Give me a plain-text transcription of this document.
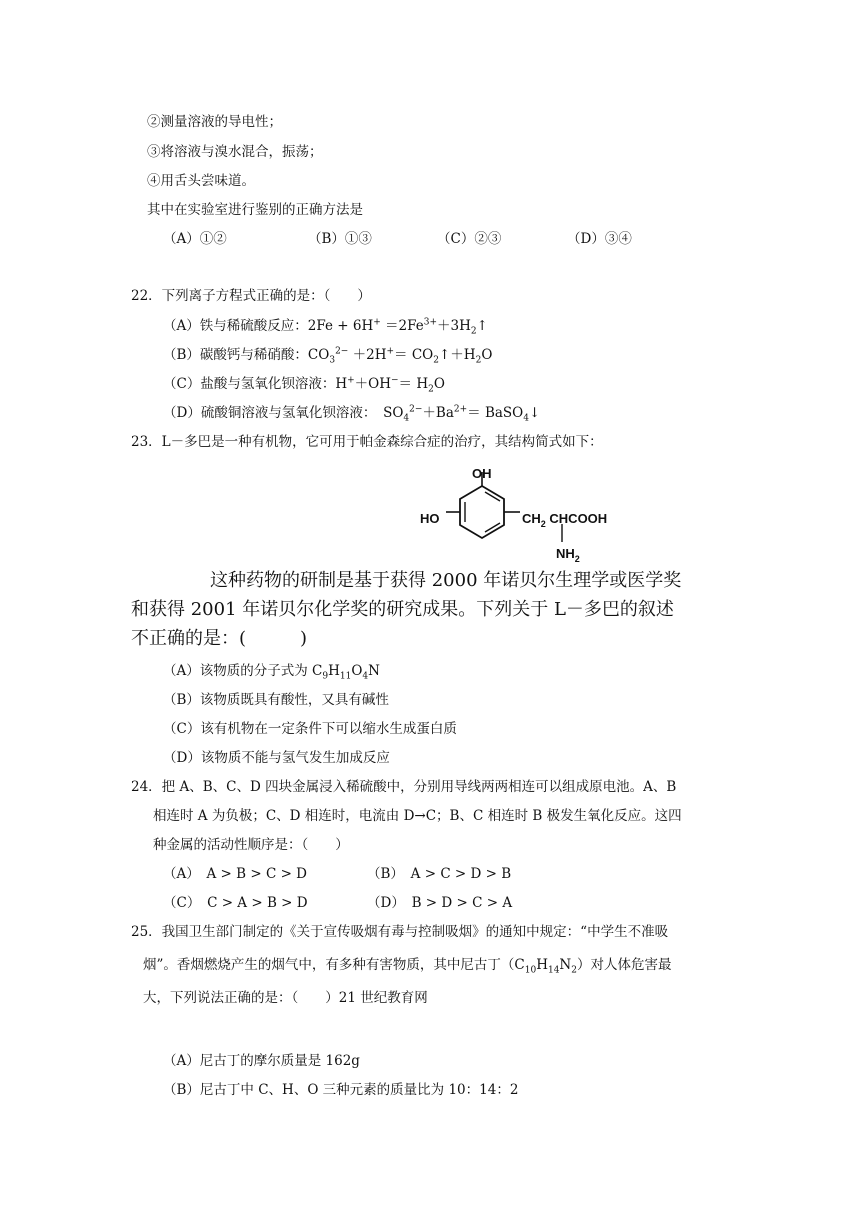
②测量溶液的导电性；
③将溶液与溴水混合，振荡；
④用舌头尝味道。
其中在实验室进行鉴别的正确方法是
（A）①②	（B）①③	（C）②③	（D）③④
22．下列离子方程式正确的是：（　　）
（A）铁与稀硫酸反应：$2Fe + 6H^+ =2Fe^{3+}+3H_2↑$
（B）碳酸钙与稀硝酸：$CO_3^{2-} +2H^+=$ $CO_2↑+H_2O$
（C）盐酸与氢氧化钡溶液：$H^++OH^-= H_2O$
（D）硫酸铜溶液与氢氧化钡溶液：　$SO_4^{2-}+Ba^{2+}=$ BaSO$_4$↓
23．L－多巴是一种有机物，它可用于帕金森综合症的治疗，其结构简式如下：
OH
HO	$CH_2$ CHCOOH
$NH_2$
这种药物的研制是基于获得 2000 年诺贝尔生理学或医学奖
和获得 2001 年诺贝尔化学奖的研究成果。下列关于 L－多巴的叙述
不正确的是：(　　　)
（A）该物质的分子式为 $C_9H_{11}O_4N$
（B）该物质既具有酸性，又具有碱性
（C）该有机物在一定条件下可以缩水生成蛋白质
（D）该物质不能与氢气发生加成反应
24．把 A、B、C、D 四块金属浸入稀硫酸中，分别用导线两两相连可以组成原电池。A、B
相连时 A 为负极；C、D 相连时，电流由 D→C；B、C 相连时 B 极发生氧化反应。这四
种金属的活动性顺序是：（　　）
（A）　A > B > C > D	（B）　A > C > D > B
（C）　C > A > B > D	（D）　B > D > C > A
25．我国卫生部门制定的《关于宣传吸烟有毒与控制吸烟》的通知中规定：“中学生不准吸
烟”。香烟燃烧产生的烟气中，有多种有害物质，其中尼古丁$(C_{10}H_{14}N_2)$对人体危害最
大，下列说法正确的是：（　　）21 世纪教育网
（A）尼古丁的摩尔质量是 162g
（B）尼古丁中 C、H、O 三种元素的质量比为 10：14：2
